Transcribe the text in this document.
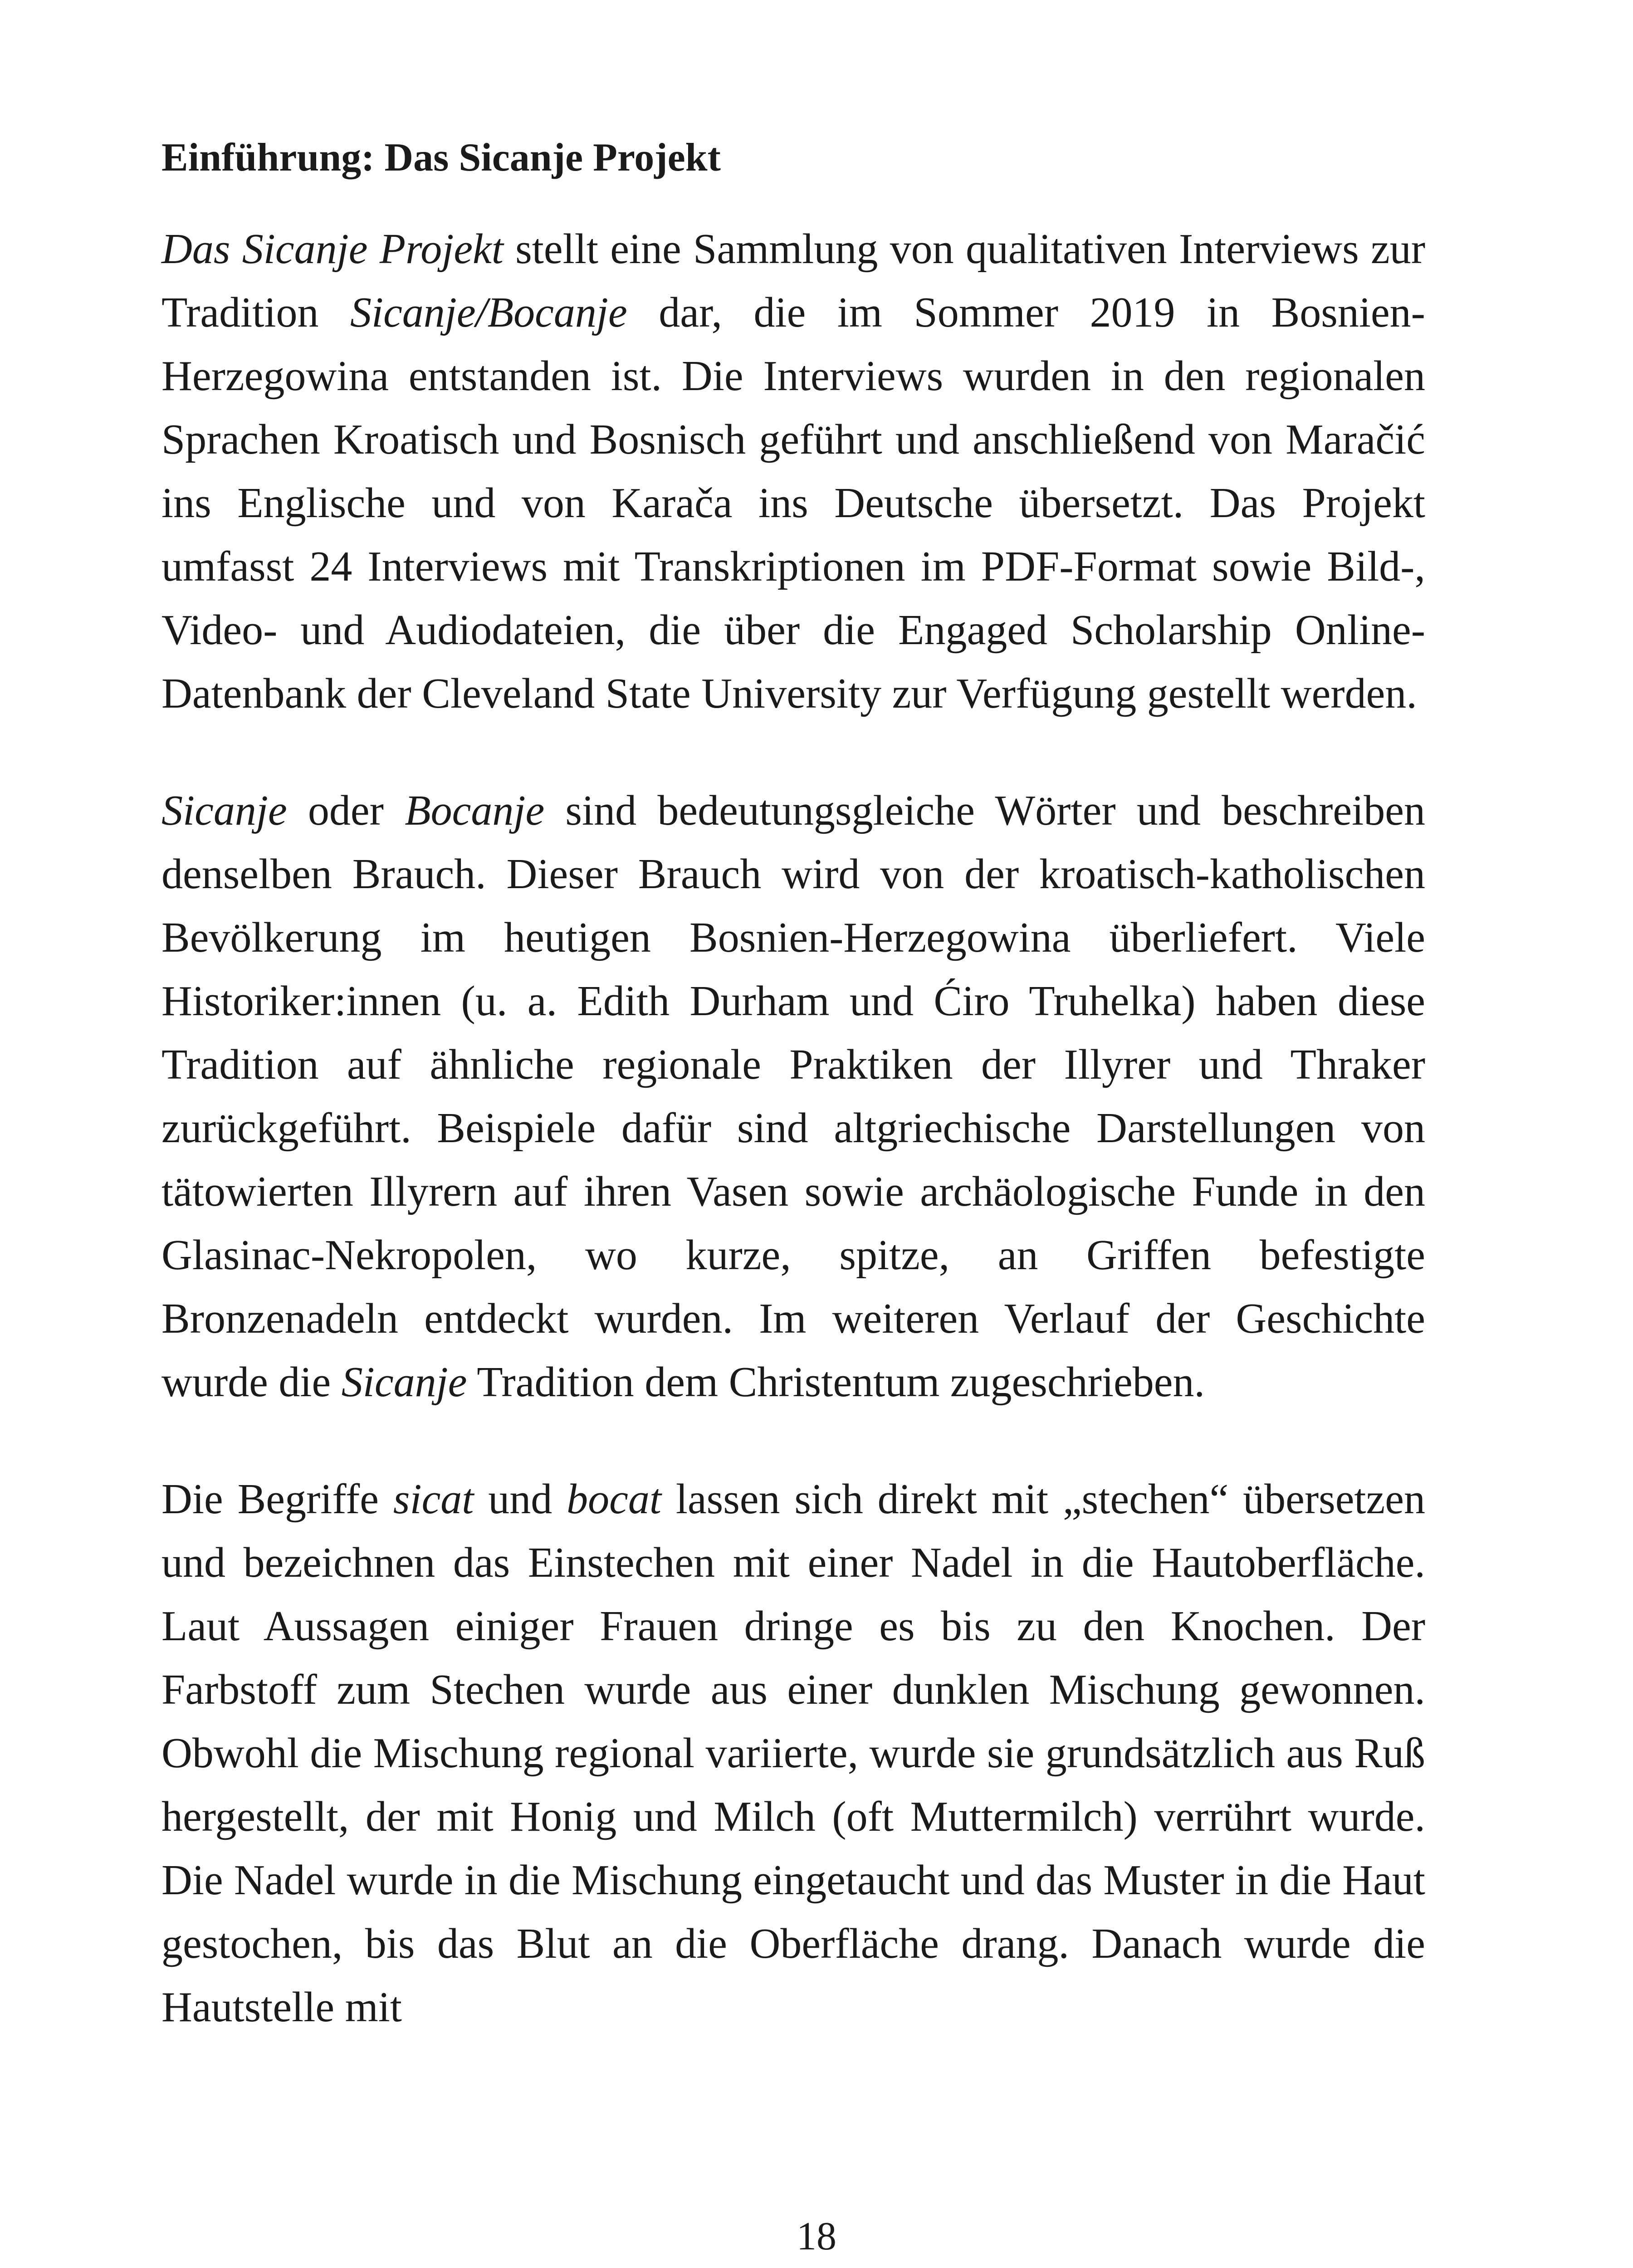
Einführung: Das Sicanje Projekt

Das Sicanje Projekt stellt eine Sammlung von qualitativen Interviews zur Tradition Sicanje/Bocanje dar, die im Sommer 2019 in Bosnien-Herzegowina entstanden ist. Die Interviews wurden in den regionalen Sprachen Kroatisch und Bosnisch geführt und anschließend von Maračić ins Englische und von Karača ins Deutsche übersetzt. Das Projekt umfasst 24 Interviews mit Transkriptionen im PDF-Format sowie Bild-, Video- und Audiodateien, die über die Engaged Scholarship Online-Datenbank der Cleveland State University zur Verfügung gestellt werden.

Sicanje oder Bocanje sind bedeutungsgleiche Wörter und beschreiben denselben Brauch. Dieser Brauch wird von der kroatisch-katholischen Bevölkerung im heutigen Bosnien-Herzegowina überliefert. Viele Historiker:innen (u. a. Edith Durham und Ćiro Truhelka) haben diese Tradition auf ähnliche regionale Praktiken der Illyrer und Thraker zurückgeführt. Beispiele dafür sind altgriechische Darstellungen von tätowierten Illyrern auf ihren Vasen sowie archäologische Funde in den Glasinac-Nekropolen, wo kurze, spitze, an Griffen befestigte Bronzenadeln entdeckt wurden. Im weiteren Verlauf der Geschichte wurde die Sicanje Tradition dem Christentum zugeschrieben.

Die Begriffe sicat und bocat lassen sich direkt mit „stechen“ übersetzen und bezeichnen das Einstechen mit einer Nadel in die Hautoberfläche. Laut Aussagen einiger Frauen dringe es bis zu den Knochen. Der Farbstoff zum Stechen wurde aus einer dunklen Mischung gewonnen. Obwohl die Mischung regional variierte, wurde sie grundsätzlich aus Ruß hergestellt, der mit Honig und Milch (oft Muttermilch) verrührt wurde. Die Nadel wurde in die Mischung eingetaucht und das Muster in die Haut gestochen, bis das Blut an die Oberfläche drang. Danach wurde die Hautstelle mit

18
